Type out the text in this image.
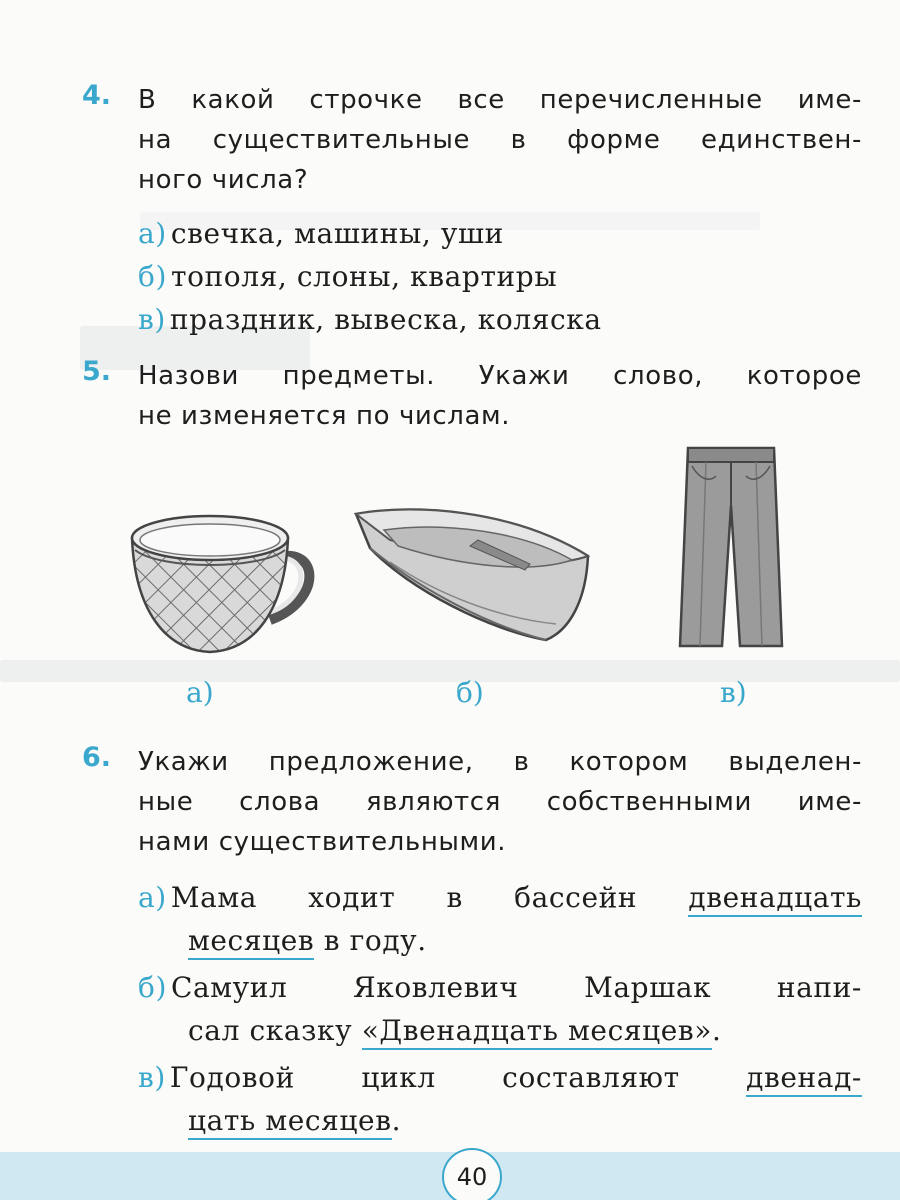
4. В какой строчке все перечисленные име-
на существительные в форме единствен-
ного числа?
а) свечка, машины, уши
б) тополя, слоны, квартиры
в) праздник, вывеска, коляска
5. Назови предметы. Укажи слово, которое
не изменяется по числам.
а)	б)	в)
6. Укажи предложение, в котором выделен-
ные слова являются собственными име-
нами существительными.
а) Мама ходит в бассейн двенадцать
месяцев в году.
б) Самуил Яковлевич Маршак напи-
сал сказку «Двенадцать месяцев».
в) Годовой цикл составляют двенад-
цать месяцев.
40
